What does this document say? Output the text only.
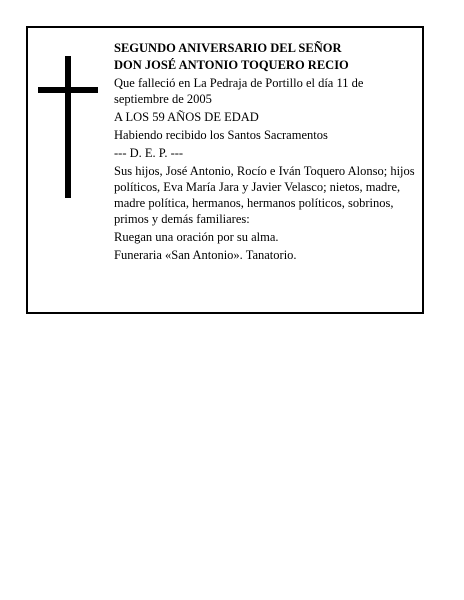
SEGUNDO ANIVERSARIO DEL SEÑOR

DON JOSÉ ANTONIO TOQUERO RECIO

Que falleció en La Pedraja de Portillo el día 11 de septiembre de 2005

A LOS 59 AÑOS DE EDAD

Habiendo recibido los Santos Sacramentos

--- D. E. P. ---

Sus hijos, José Antonio, Rocío e Iván Toquero Alonso; hijos políticos, Eva María Jara y Javier Velasco; nietos, madre, madre política, hermanos, hermanos políticos, sobrinos, primos y demás familiares:

Ruegan una oración por su alma.

Funeraria «San Antonio». Tanatorio.
